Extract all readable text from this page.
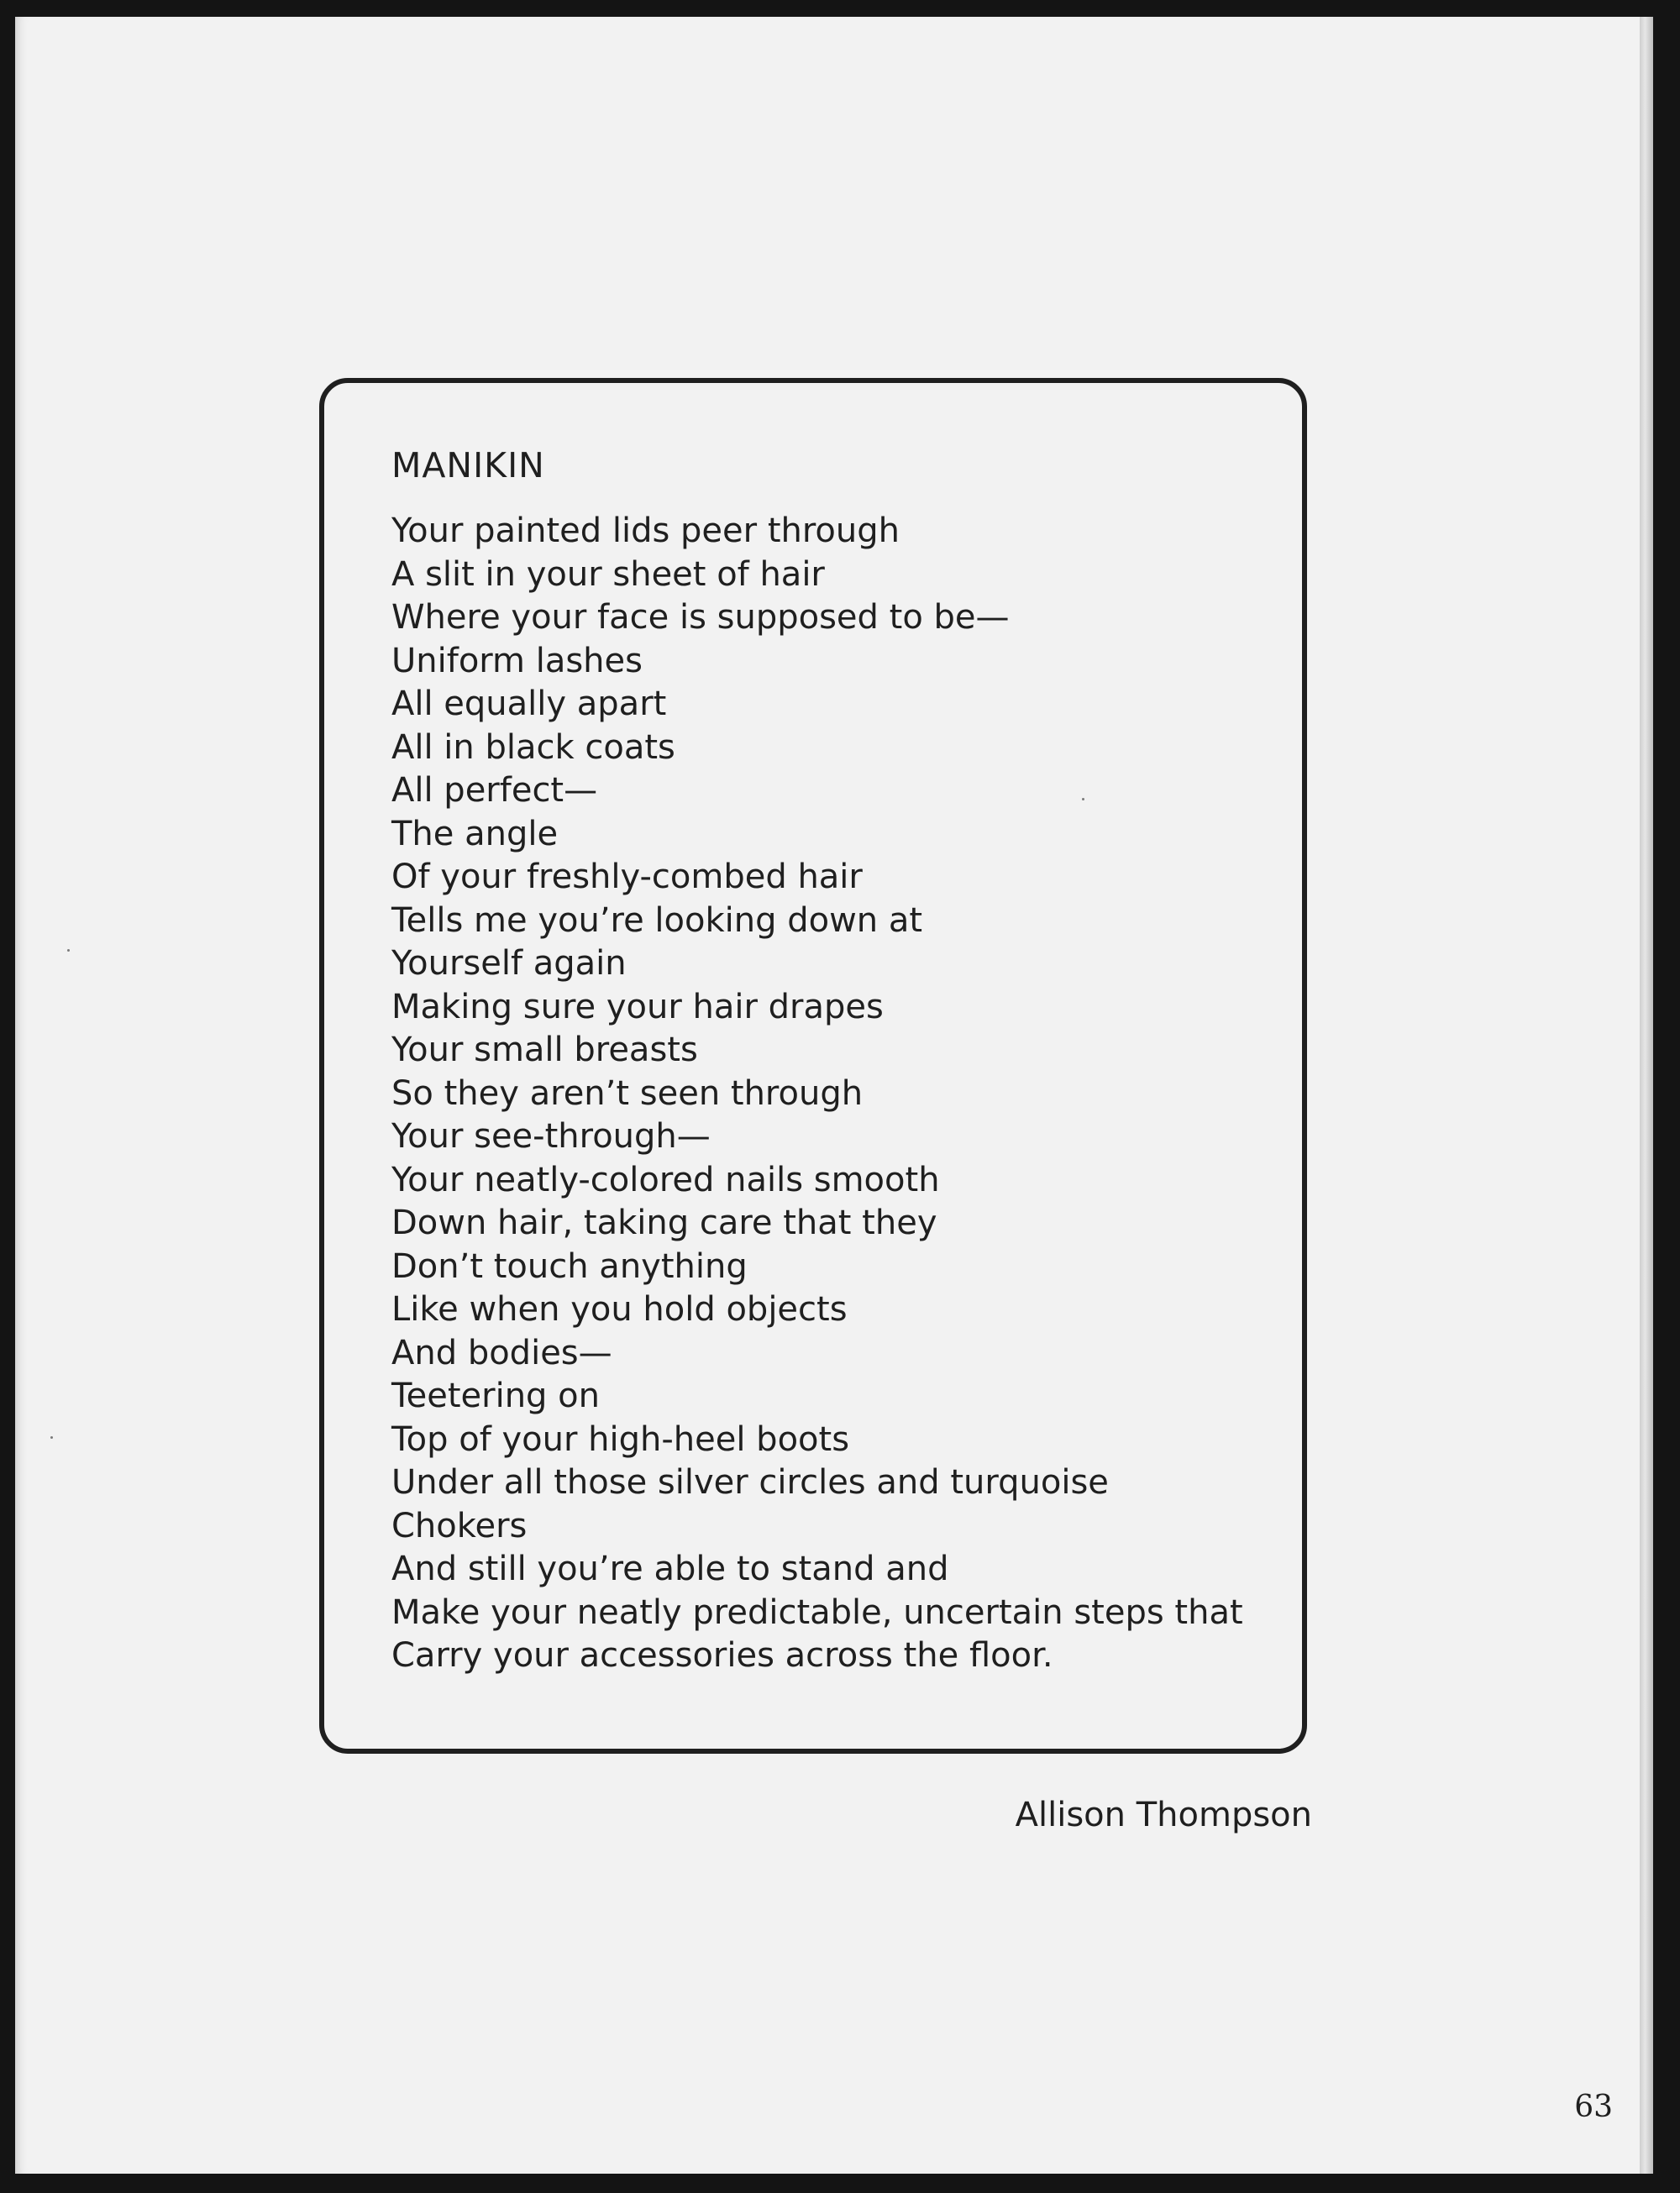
MANIKIN
Your painted lids peer through
A slit in your sheet of hair
Where your face is supposed to be—
Uniform lashes
All equally apart
All in black coats
All perfect—
The angle
Of your freshly-combed hair
Tells me you’re looking down at
Yourself again
Making sure your hair drapes
Your small breasts
So they aren’t seen through
Your see-through—
Your neatly-colored nails smooth
Down hair, taking care that they
Don’t touch anything
Like when you hold objects
And bodies—
Teetering on
Top of your high-heel boots
Under all those silver circles and turquoise
Chokers
And still you’re able to stand and
Make your neatly predictable, uncertain steps that
Carry your accessories across the floor.
Allison Thompson
63
